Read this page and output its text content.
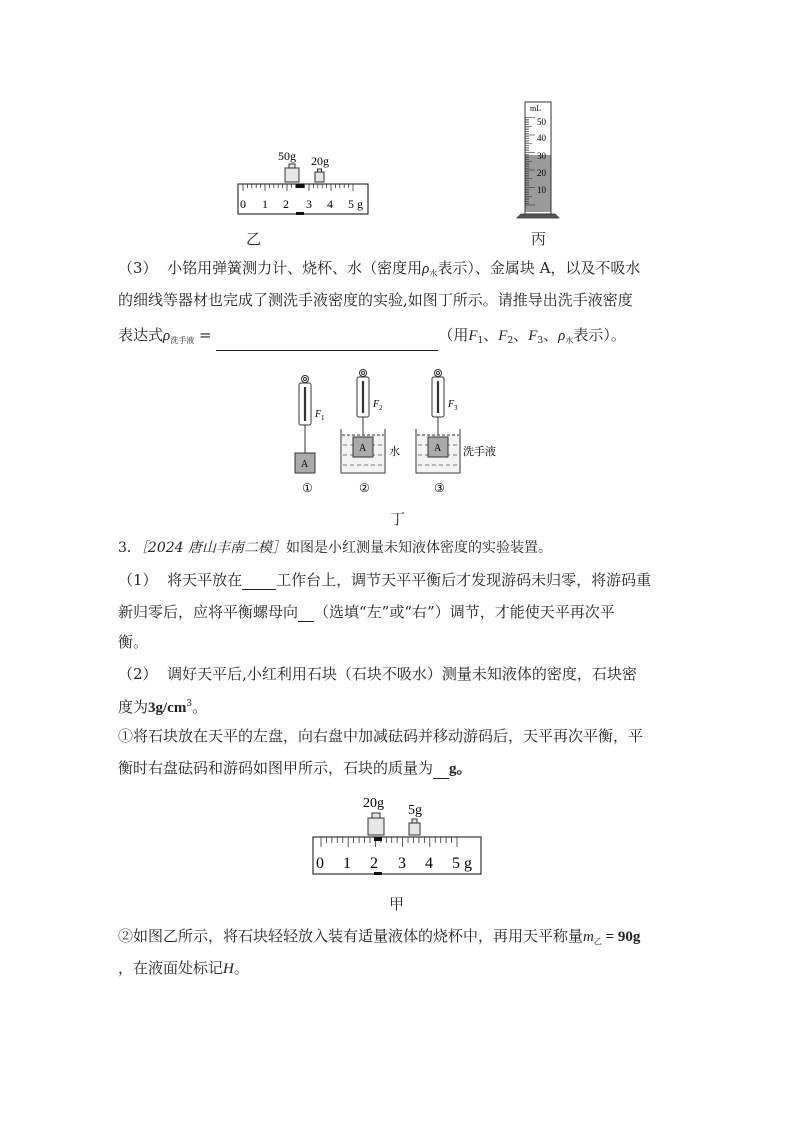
50g 20g
0 1 2 3 4 5 g
乙
mL
50
40
30
20
10
丙
（3） 小铭用弹簧测力计、烧杯、水（密度用$\rho_水$表示）、金属块 A，以及不吸水
的细线等器材也完成了测洗手液密度的实验,如图丁所示。请推导出洗手液密度
表达式$\rho_{洗手液}$ =	（用$F_1$、$F_2$、$F_3$、$\rho_水$表示）。
A
F 1
F 2
A 水
F 3
A 洗手液
①	②	③
丁
3．［2024 唐山丰南二模］如图是小红测量未知液体密度的实验装置。
（1） 将天平放在 工作台上，调节天平平衡后才发现游码未归零，将游码重
新归零后，应将平衡螺母向 （选填“左”或“右”）调节，才能使天平再次平
衡。
（2） 调好天平后,小红利用石块（石块不吸水）测量未知液体的密度，石块密
度为$3g/cm^3$。
①将石块放在天平的左盘，向右盘中加减砝码并移动游码后，天平再次平衡，平
衡时右盘砝码和游码如图甲所示，石块的质量为 g。
20g 5g
0 1 2 3 4 5 g
甲
②如图乙所示，将石块轻轻放入装有适量液体的烧杯中，再用天平称量$m_乙 = 90g$
，在液面处标记H。
